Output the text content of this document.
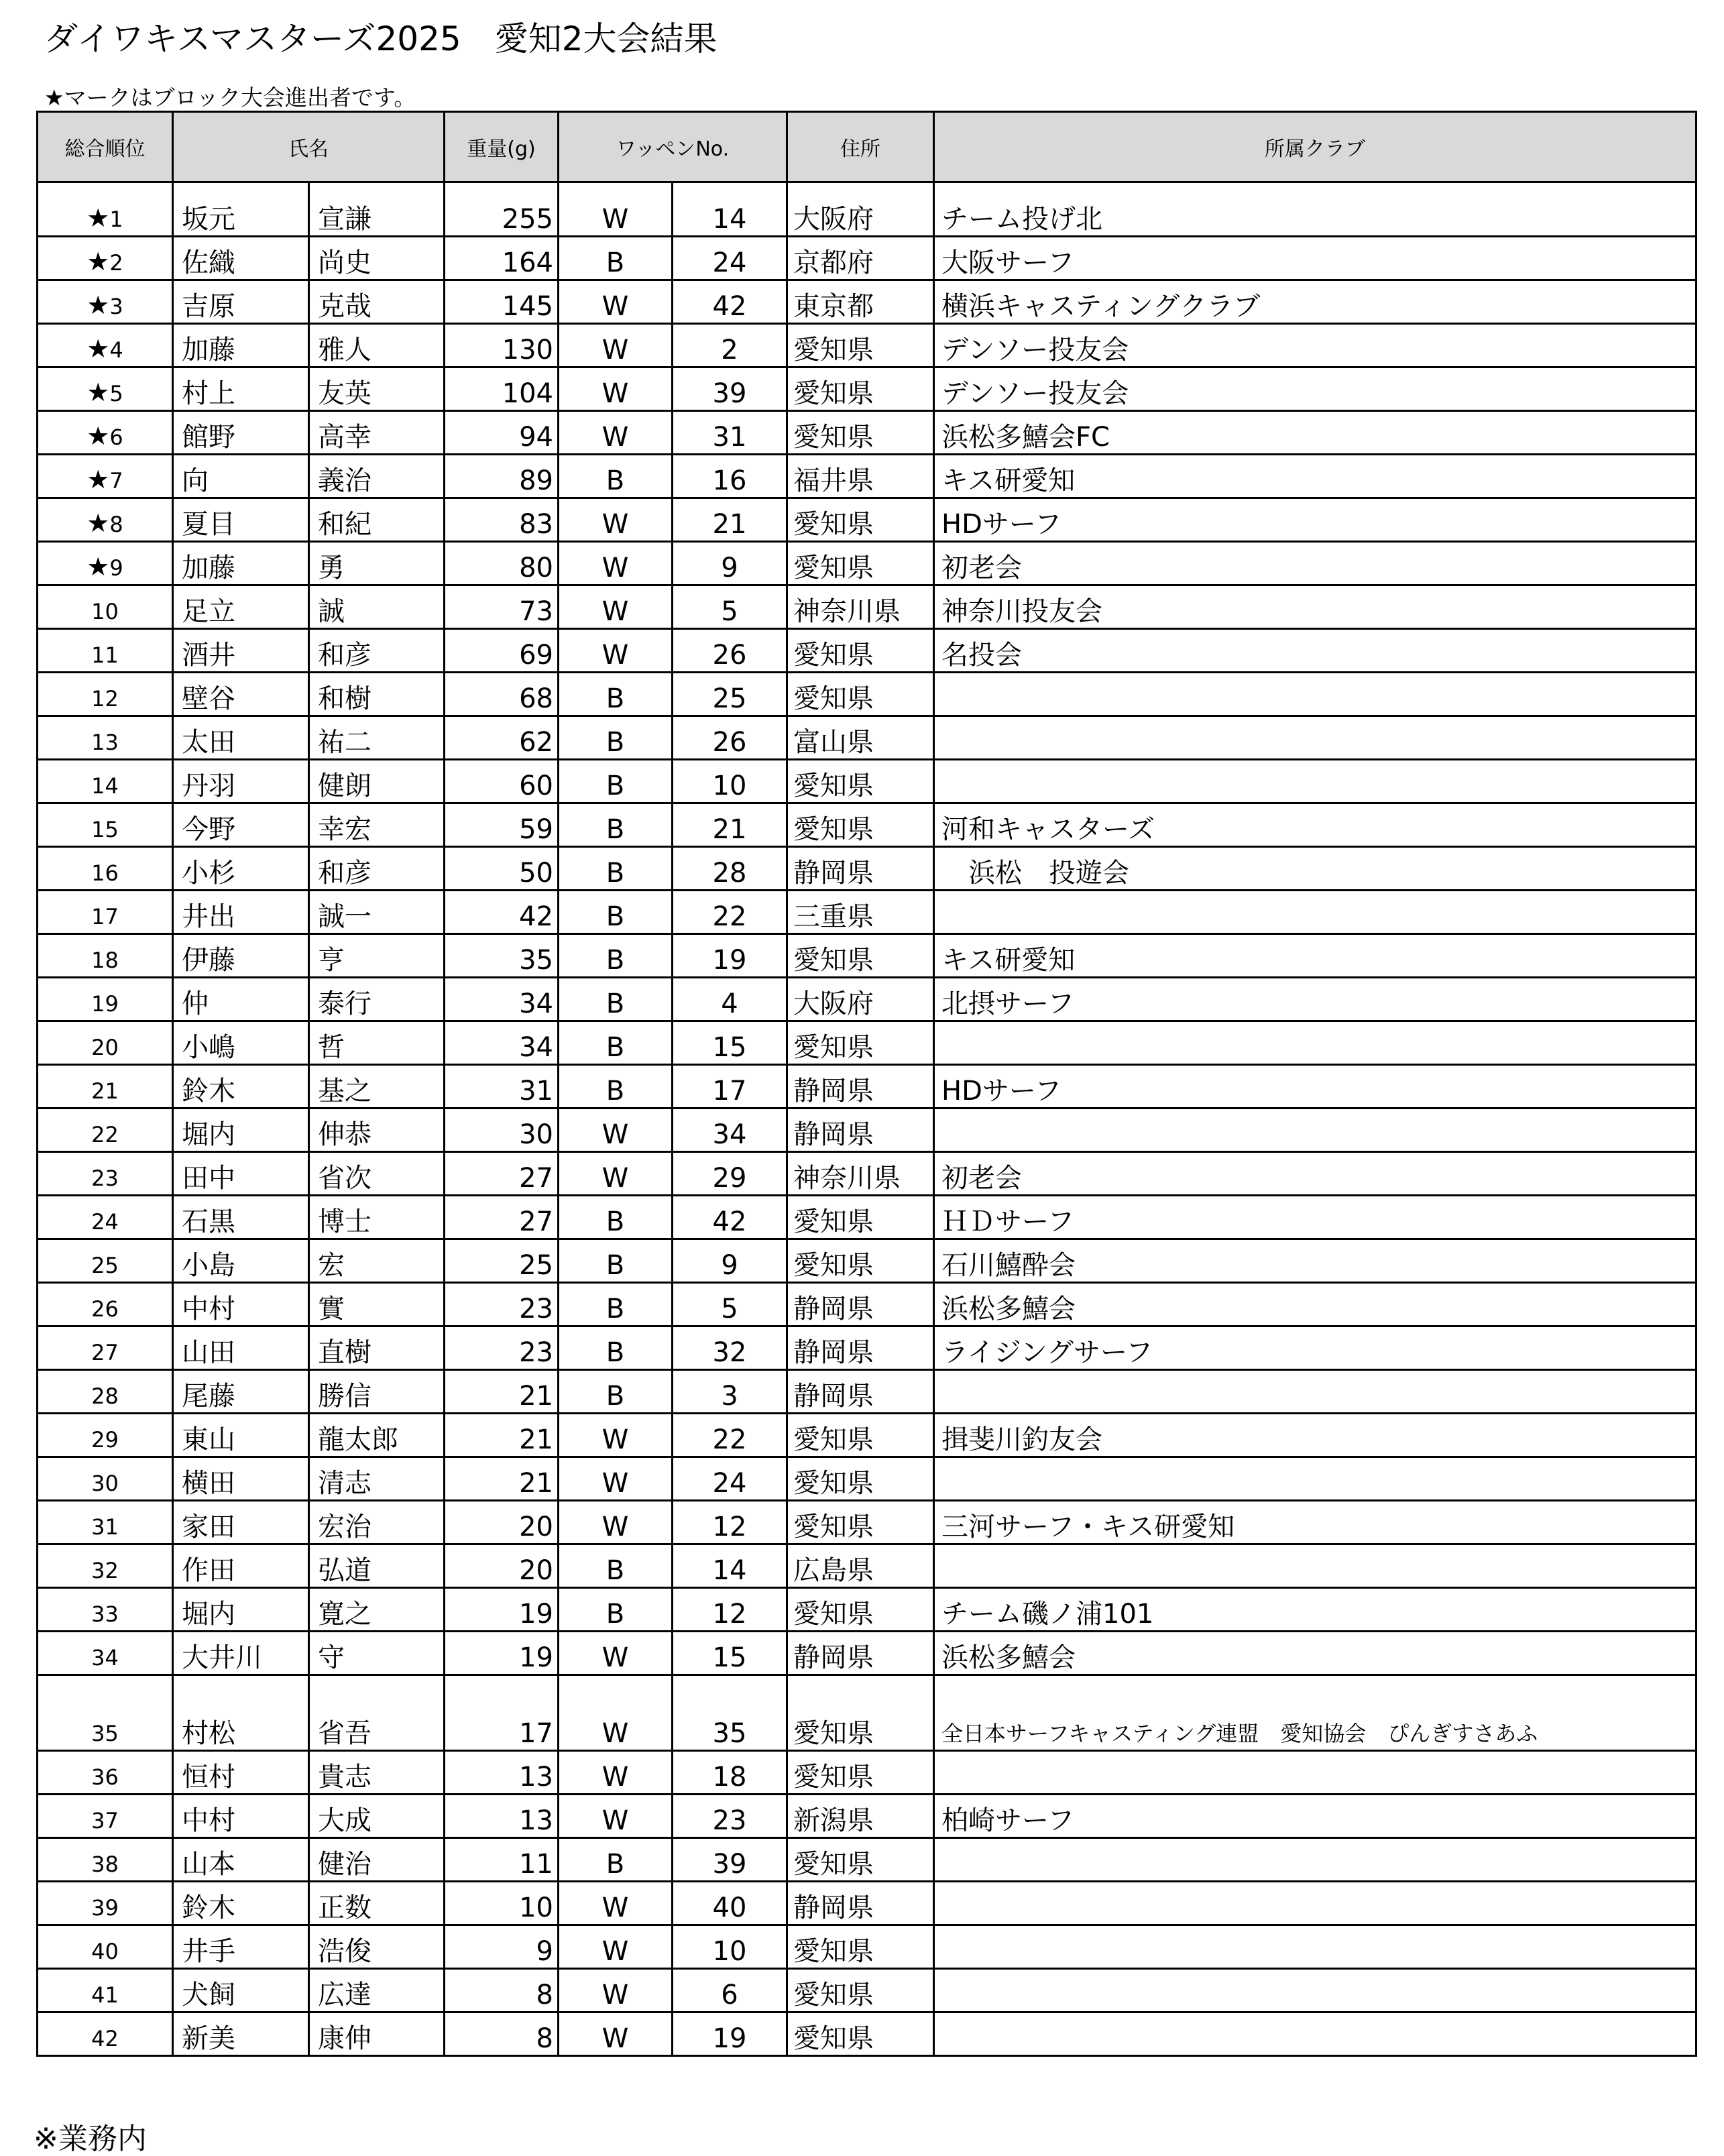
ダイワキスマスターズ2025　愛知2大会結果
★マークはブロック大会進出者です。
総合順位	氏名		重量(g)	ワッペンNo.		住所	所属クラブ
★1	坂元	宣謙	255	W	14	大阪府	チーム投げ北
★2	佐織	尚史	164	B	24	京都府	大阪サーフ
★3	吉原	克哉	145	W	42	東京都	横浜キャスティングクラブ
★4	加藤	雅人	130	W	2	愛知県	デンソー投友会
★5	村上	友英	104	W	39	愛知県	デンソー投友会
★6	館野	高幸	94	W	31	愛知県	浜松多鱚会FC
★7	向	義治	89	B	16	福井県	キス研愛知
★8	夏目	和紀	83	W	21	愛知県	HDサーフ
★9	加藤	勇	80	W	9	愛知県	初老会
10	足立	誠	73	W	5	神奈川県	神奈川投友会
11	酒井	和彦	69	W	26	愛知県	名投会
12	壁谷	和樹	68	B	25	愛知県	
13	太田	祐二	62	B	26	富山県	
14	丹羽	健朗	60	B	10	愛知県	
15	今野	幸宏	59	B	21	愛知県	河和キャスターズ
16	小杉	和彦	50	B	28	静岡県	　浜松　投遊会
17	井出	誠一	42	B	22	三重県	
18	伊藤	亨	35	B	19	愛知県	キス研愛知
19	仲	泰行	34	B	4	大阪府	北摂サーフ
20	小嶋	哲	34	B	15	愛知県	
21	鈴木	基之	31	B	17	静岡県	HDサーフ
22	堀内	伸恭	30	W	34	静岡県	
23	田中	省次	27	W	29	神奈川県	初老会
24	石黒	博士	27	B	42	愛知県	ＨＤサーフ
25	小島	宏	25	B	9	愛知県	石川鱚酔会
26	中村	實	23	B	5	静岡県	浜松多鱚会
27	山田	直樹	23	B	32	静岡県	ライジングサーフ
28	尾藤	勝信	21	B	3	静岡県	
29	東山	龍太郎	21	W	22	愛知県	揖斐川釣友会
30	横田	清志	21	W	24	愛知県	
31	家田	宏治	20	W	12	愛知県	三河サーフ・キス研愛知
32	作田	弘道	20	B	14	広島県	
33	堀内	寛之	19	B	12	愛知県	チーム磯ノ浦101
34	大井川	守	19	W	15	静岡県	浜松多鱚会
35	村松	省吾	17	W	35	愛知県	全日本サーフキャスティング連盟　愛知協会　ぴんぎすさあふ
36	恒村	貴志	13	W	18	愛知県	
37	中村	大成	13	W	23	新潟県	柏崎サーフ
38	山本	健治	11	B	39	愛知県	
39	鈴木	正数	10	W	40	静岡県	
40	井手	浩俊	9	W	10	愛知県	
41	犬飼	広達	8	W	6	愛知県	
42	新美	康伸	8	W	19	愛知県	
※業務内
